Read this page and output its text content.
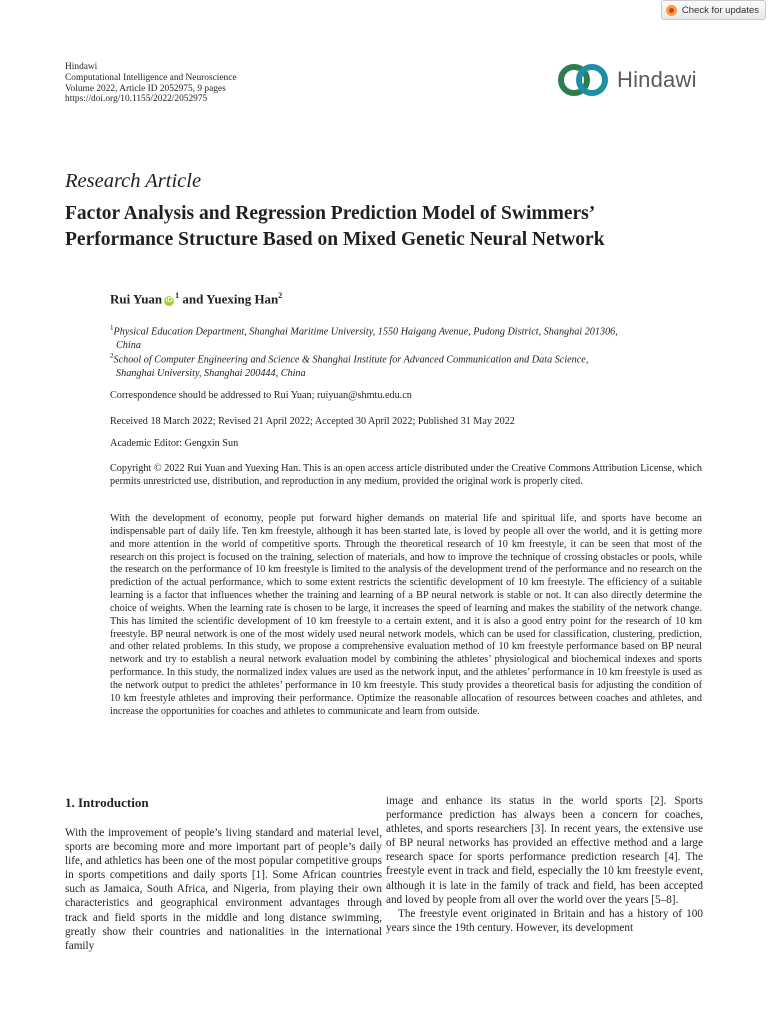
Check for updates
Hindawi
Computational Intelligence and Neuroscience
Volume 2022, Article ID 2052975, 9 pages
https://doi.org/10.1155/2022/2052975
Hindawi
Research Article
Factor Analysis and Regression Prediction Model of Swimmers’
Performance Structure Based on Mixed Genetic Neural Network
Rui Yuan $iD^1$ and Yuexing Han$^2$
$^1$Physical Education Department, Shanghai Maritime University, 1550 Haigang Avenue, Pudong District, Shanghai 201306,
China
$^2$School of Computer Engineering and Science & Shanghai Institute for Advanced Communication and Data Science,
Shanghai University, Shanghai 200444, China
Correspondence should be addressed to Rui Yuan; ruiyuan@shmtu.edu.cn
Received 18 March 2022; Revised 21 April 2022; Accepted 30 April 2022; Published 31 May 2022
Academic Editor: Gengxin Sun
Copyright © 2022 Rui Yuan and Yuexing Han. This is an open access article distributed under the Creative Commons Attribution License, which permits unrestricted use, distribution, and reproduction in any medium, provided the original work is properly cited.
With the development of economy, people put forward higher demands on material life and spiritual life, and sports have become an indispensable part of daily life. Ten km freestyle, although it has been started late, is loved by people all over the world, and it is getting more and more attention in the world of competitive sports. Through the theoretical research of 10 km freestyle, it can be seen that most of the research on this project is focused on the training, selection of materials, and how to improve the technique of crossing obstacles or pools, while the research on the performance of 10 km freestyle is limited to the analysis of the development trend of the performance and no research on the prediction of the actual performance, which to some extent restricts the scientific development of 10 km freestyle. The efficiency of a suitable learning is a factor that influences whether the training and learning of a BP neural network is stable or not. It can also directly determine the choice of weights. When the learning rate is chosen to be large, it increases the speed of learning and makes the stability of the network change. This has limited the scientific development of 10 km freestyle to a certain extent, and it is also a good entry point for the research of 10 km freestyle. BP neural network is one of the most widely used neural network models, which can be used for classification, clustering, prediction, and other related problems. In this study, we propose a comprehensive evaluation method of 10 km freestyle performance based on BP neural network and try to establish a neural network evaluation model by combining the athletes’ physiological and biochemical indexes and sports performance. In this study, the normalized index values are used as the network input, and the athletes’ performance in 10 km freestyle is used as the network output to predict the athletes’ performance in 10 km freestyle. This study provides a theoretical basis for adjusting the condition of 10 km freestyle athletes and improving their performance. Optimize the reasonable allocation of resources between coaches and athletes, and increase the opportunities for coaches and athletes to communicate and learn from outside.
1. Introduction
With the improvement of people’s living standard and material level, sports are becoming more and more important part of people’s daily life, and athletics has been one of the most popular competitive groups in sports competitions and daily sports [1]. Some African countries such as Jamaica, South Africa, and Nigeria, from playing their own characteristics and geographical environment advantages through track and field sports in the middle and long distance swimming, greatly show their countries and nationalities in the international family
image and enhance its status in the world sports [2]. Sports performance prediction has always been a concern for coaches, athletes, and sports researchers [3]. In recent years, the extensive use of BP neural networks has provided an effective method and a large research space for sports performance prediction research [4]. The freestyle event in track and field, especially the 10 km freestyle event, although it is late in the family of track and field, has been accepted and loved by people from all over the world over the years [5–8].
The freestyle event originated in Britain and has a history of 100 years since the 19th century. However, its development
